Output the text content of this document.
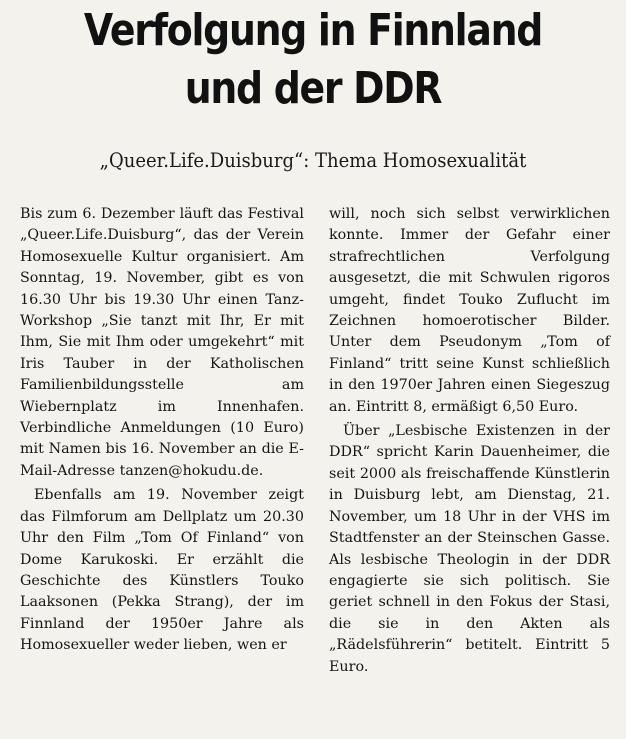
Verfolgung in Finnland
und der DDR
„Queer.Life.Duisburg“: Thema Homosexualität

Bis zum 6. Dezember läuft das Festival „Queer.Life.Duisburg“, das der Verein Homosexuelle Kultur organisiert. Am Sonntag, 19. November, gibt es von 16.30 Uhr bis 19.30 Uhr einen Tanz-Workshop „Sie tanzt mit Ihr, Er mit Ihm, Sie mit Ihm oder umgekehrt“ mit Iris Tauber in der Katholischen Familienbildungsstelle am Wiebernplatz im Innenhafen. Verbindliche Anmeldungen (10 Euro) mit Namen bis 16. November an die E-Mail-Adresse tanzen@hokudu.de.

Ebenfalls am 19. November zeigt das Filmforum am Dellplatz um 20.30 Uhr den Film „Tom Of Finland“ von Dome Karukoski. Er erzählt die Geschichte des Künstlers Touko Laaksonen (Pekka Strang), der im Finnland der 1950er Jahre als Homosexueller weder lieben, wen er

will, noch sich selbst verwirklichen konnte. Immer der Gefahr einer strafrechtlichen Verfolgung ausgesetzt, die mit Schwulen rigoros umgeht, findet Touko Zuflucht im Zeichnen homoerotischer Bilder. Unter dem Pseudonym „Tom of Finland“ tritt seine Kunst schließlich in den 1970er Jahren einen Siegeszug an. Eintritt 8, ermäßigt 6,50 Euro.

Über „Lesbische Existenzen in der DDR“ spricht Karin Dauenheimer, die seit 2000 als freischaffende Künstlerin in Duisburg lebt, am Dienstag, 21. November, um 18 Uhr in der VHS im Stadtfenster an der Steinschen Gasse. Als lesbische Theologin in der DDR engagierte sie sich politisch. Sie geriet schnell in den Fokus der Stasi, die sie in den Akten als „Rädelsführerin“ betitelt. Eintritt 5 Euro.
